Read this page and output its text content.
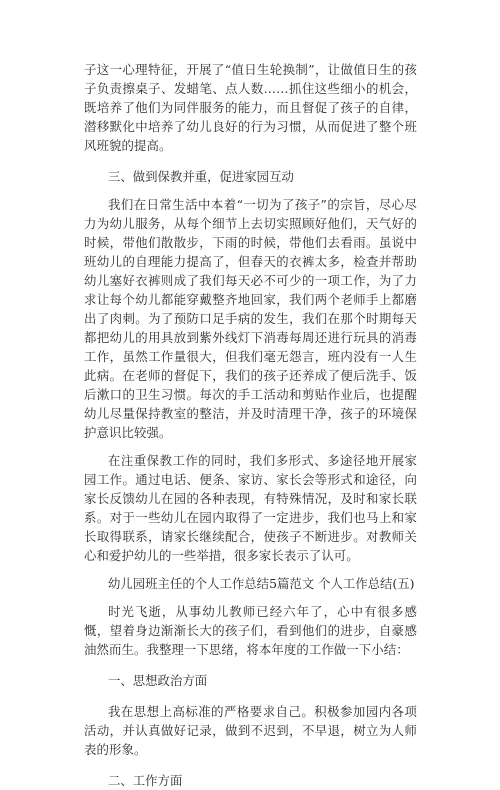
子这一心理特征，开展了“值日生轮换制”，让做值日生的孩子负责擦桌子、发蜡笔、点人数……抓住这些细小的机会，既培养了他们为同伴服务的能力，而且督促了孩子的自律，潜移默化中培养了幼儿良好的行为习惯，从而促进了整个班风班貌的提高。

三、做到保教并重，促进家园互动

我们在日常生活中本着“一切为了孩子”的宗旨，尽心尽力为幼儿服务，从每个细节上去切实照顾好他们，天气好的时候，带他们散散步，下雨的时候，带他们去看雨。虽说中班幼儿的自理能力提高了，但春天的衣裤太多，检查并帮助幼儿塞好衣裤则成了我们每天必不可少的一项工作，为了力求让每个幼儿都能穿戴整齐地回家，我们两个老师手上都磨出了肉刺。为了预防口足手病的发生，我们在那个时期每天都把幼儿的用具放到紫外线灯下消毒每周还进行玩具的消毒工作，虽然工作量很大，但我们毫无怨言，班内没有一人生此病。在老师的督促下，我们的孩子还养成了便后洗手、饭后漱口的卫生习惯。每次的手工活动和剪贴作业后，也提醒幼儿尽量保持教室的整洁，并及时清理干净，孩子的环境保护意识比较强。

在注重保教工作的同时，我们多形式、多途径地开展家园工作。通过电话、便条、家访、家长会等形式和途径，向家长反馈幼儿在园的各种表现，有特殊情况，及时和家长联系。对于一些幼儿在园内取得了一定进步，我们也马上和家长取得联系，请家长继续配合，使孩子不断进步。对教师关心和爱护幼儿的一些举措，很多家长表示了认可。

幼儿园班主任的个人工作总结5篇范文 个人工作总结(五)

时光飞逝，从事幼儿教师已经六年了，心中有很多感慨，望着身边渐渐长大的孩子们，看到他们的进步，自豪感油然而生。我整理一下思绪，将本年度的工作做一下小结：

一、思想政治方面

我在思想上高标准的严格要求自己。积极参加园内各项活动，并认真做好记录，做到不迟到，不早退，树立为人师表的形象。

二、工作方面
